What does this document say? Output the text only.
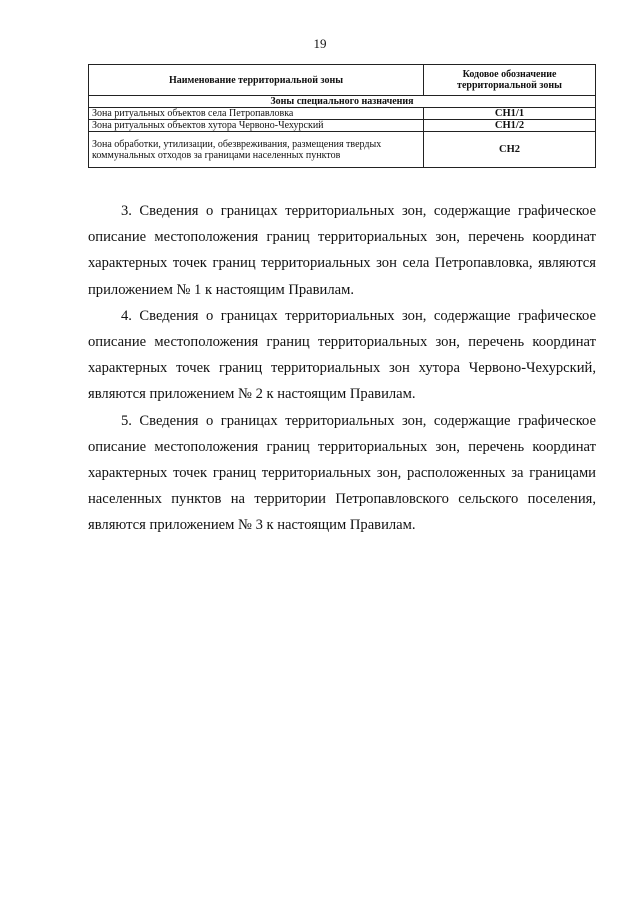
19
Наименование территориальной зоны	Кодовое обозначение территориальной зоны
Зоны специального назначения	
Зона ритуальных объектов села Петропавловка	СН1/1
Зона ритуальных объектов хутора Червоно-Чехурский	СН1/2
Зона обработки, утилизации, обезвреживания, размещения твердых коммунальных отходов за границами населенных пунктов	СН2

3. Сведения о границах территориальных зон, содержащие графическое описание местоположения границ территориальных зон, перечень координат характерных точек границ территориальных зон села Петропавловка, являются приложением № 1 к настоящим Правилам.

4. Сведения о границах территориальных зон, содержащие графическое описание местоположения границ территориальных зон, перечень координат характерных точек границ территориальных зон хутора Червоно-Чехурский, являются приложением № 2 к настоящим Правилам.

5. Сведения о границах территориальных зон, содержащие графическое описание местоположения границ территориальных зон, перечень координат характерных точек границ территориальных зон, расположенных за границами населенных пунктов на территории Петропавловского сельского поселения, являются приложением № 3 к настоящим Правилам.
